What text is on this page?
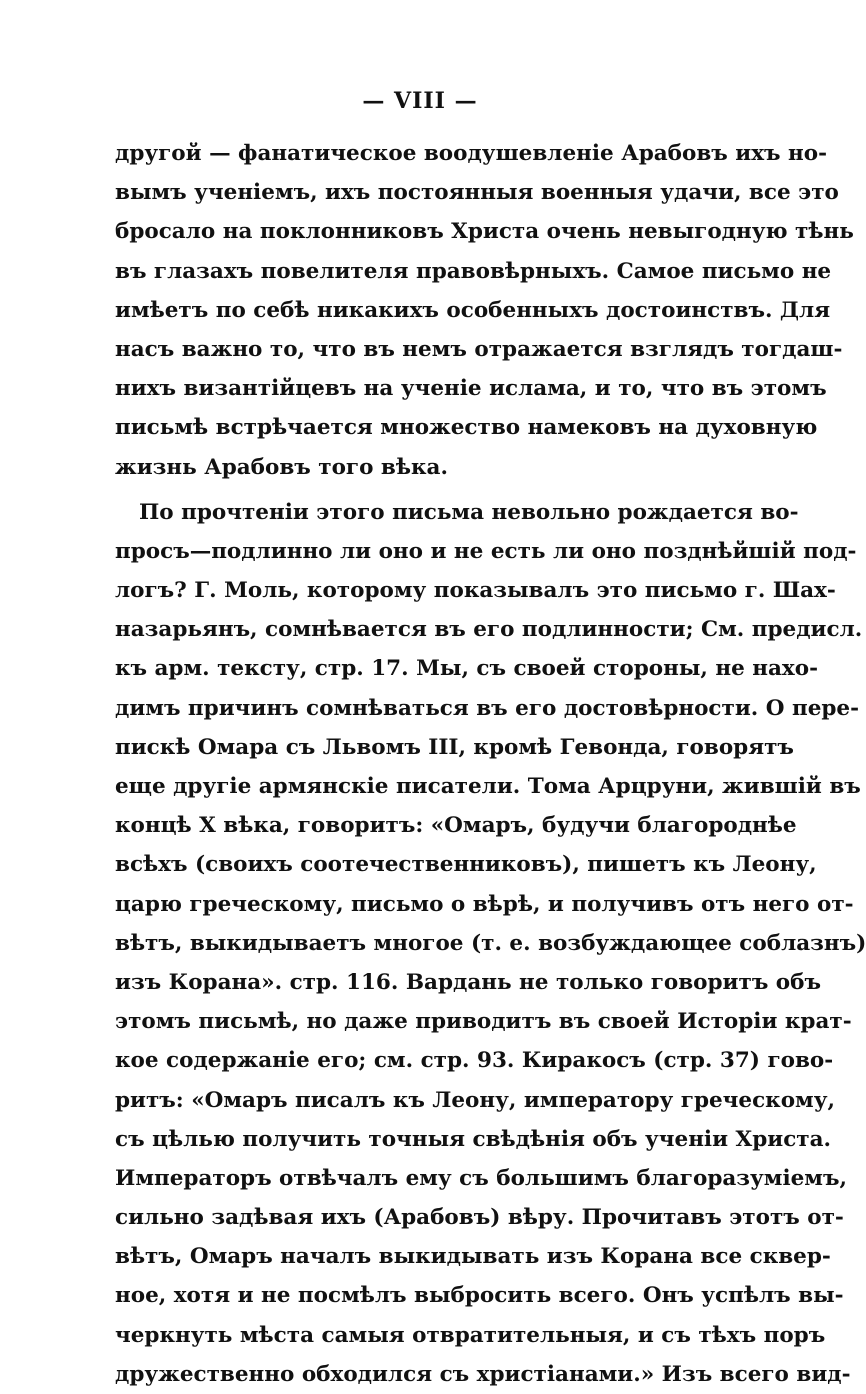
— VIII —
другой — фанатическое воодушевленіе Арабовъ ихъ но-
вымъ ученіемъ, ихъ постоянныя военныя удачи, все это
бросало на поклонниковъ Христа очень невыгодную тѣнь
въ глазахъ повелителя правовѣрныхъ. Самое письмо не
имѣетъ по себѣ никакихъ особенныхъ достоинствъ. Для
насъ важно то, что въ немъ отражается взглядъ тогдаш-
нихъ византійцевъ на ученіе ислама, и то, что въ этомъ
письмѣ встрѣчается множество намековъ на духовную
жизнь Арабовъ того вѣка.
По прочтеніи этого письма невольно рождается во-
просъ—подлинно ли оно и не есть ли оно позднѣйшій под-
логъ? Г. Моль, которому показывалъ это письмо г. Шах-
назарьянъ, сомнѣвается въ его подлинности; См. предисл.
къ арм. тексту, стр. 17. Мы, съ своей стороны, не нахо-
димъ причинъ сомнѣваться въ его достовѣрности. О пере-
пискѣ Омара съ Львомъ III, кромѣ Гевонда, говорятъ
еще другіе армянскіе писатели. Тома Арцруни, жившій въ
концѣ X вѣка, говоритъ: «Омаръ, будучи благороднѣе
всѣхъ (своихъ соотечественниковъ), пишетъ къ Леону,
царю греческому, письмо о вѣрѣ, и получивъ отъ него от-
вѣтъ, выкидываетъ многое (т. е. возбуждающее соблазнъ)
изъ Корана». стр. 116. Вардань не только говоритъ объ
этомъ письмѣ, но даже приводитъ въ своей Исторіи крат-
кое содержаніе его; см. стр. 93. Киракосъ (стр. 37) гово-
ритъ: «Омаръ писалъ къ Леону, императору греческому,
съ цѣлью получить точныя свѣдѣнія объ ученіи Христа.
Императоръ отвѣчалъ ему съ большимъ благоразуміемъ,
сильно задѣвая ихъ (Арабовъ) вѣру. Прочитавъ этотъ от-
вѣтъ, Омаръ началъ выкидывать изъ Корана все сквер-
ное, хотя и не посмѣлъ выбросить всего. Онъ успѣлъ вы-
черкнуть мѣста самыя отвратительныя, и съ тѣхъ поръ
дружественно обходился съ христіанами.» Изъ всего вид-
